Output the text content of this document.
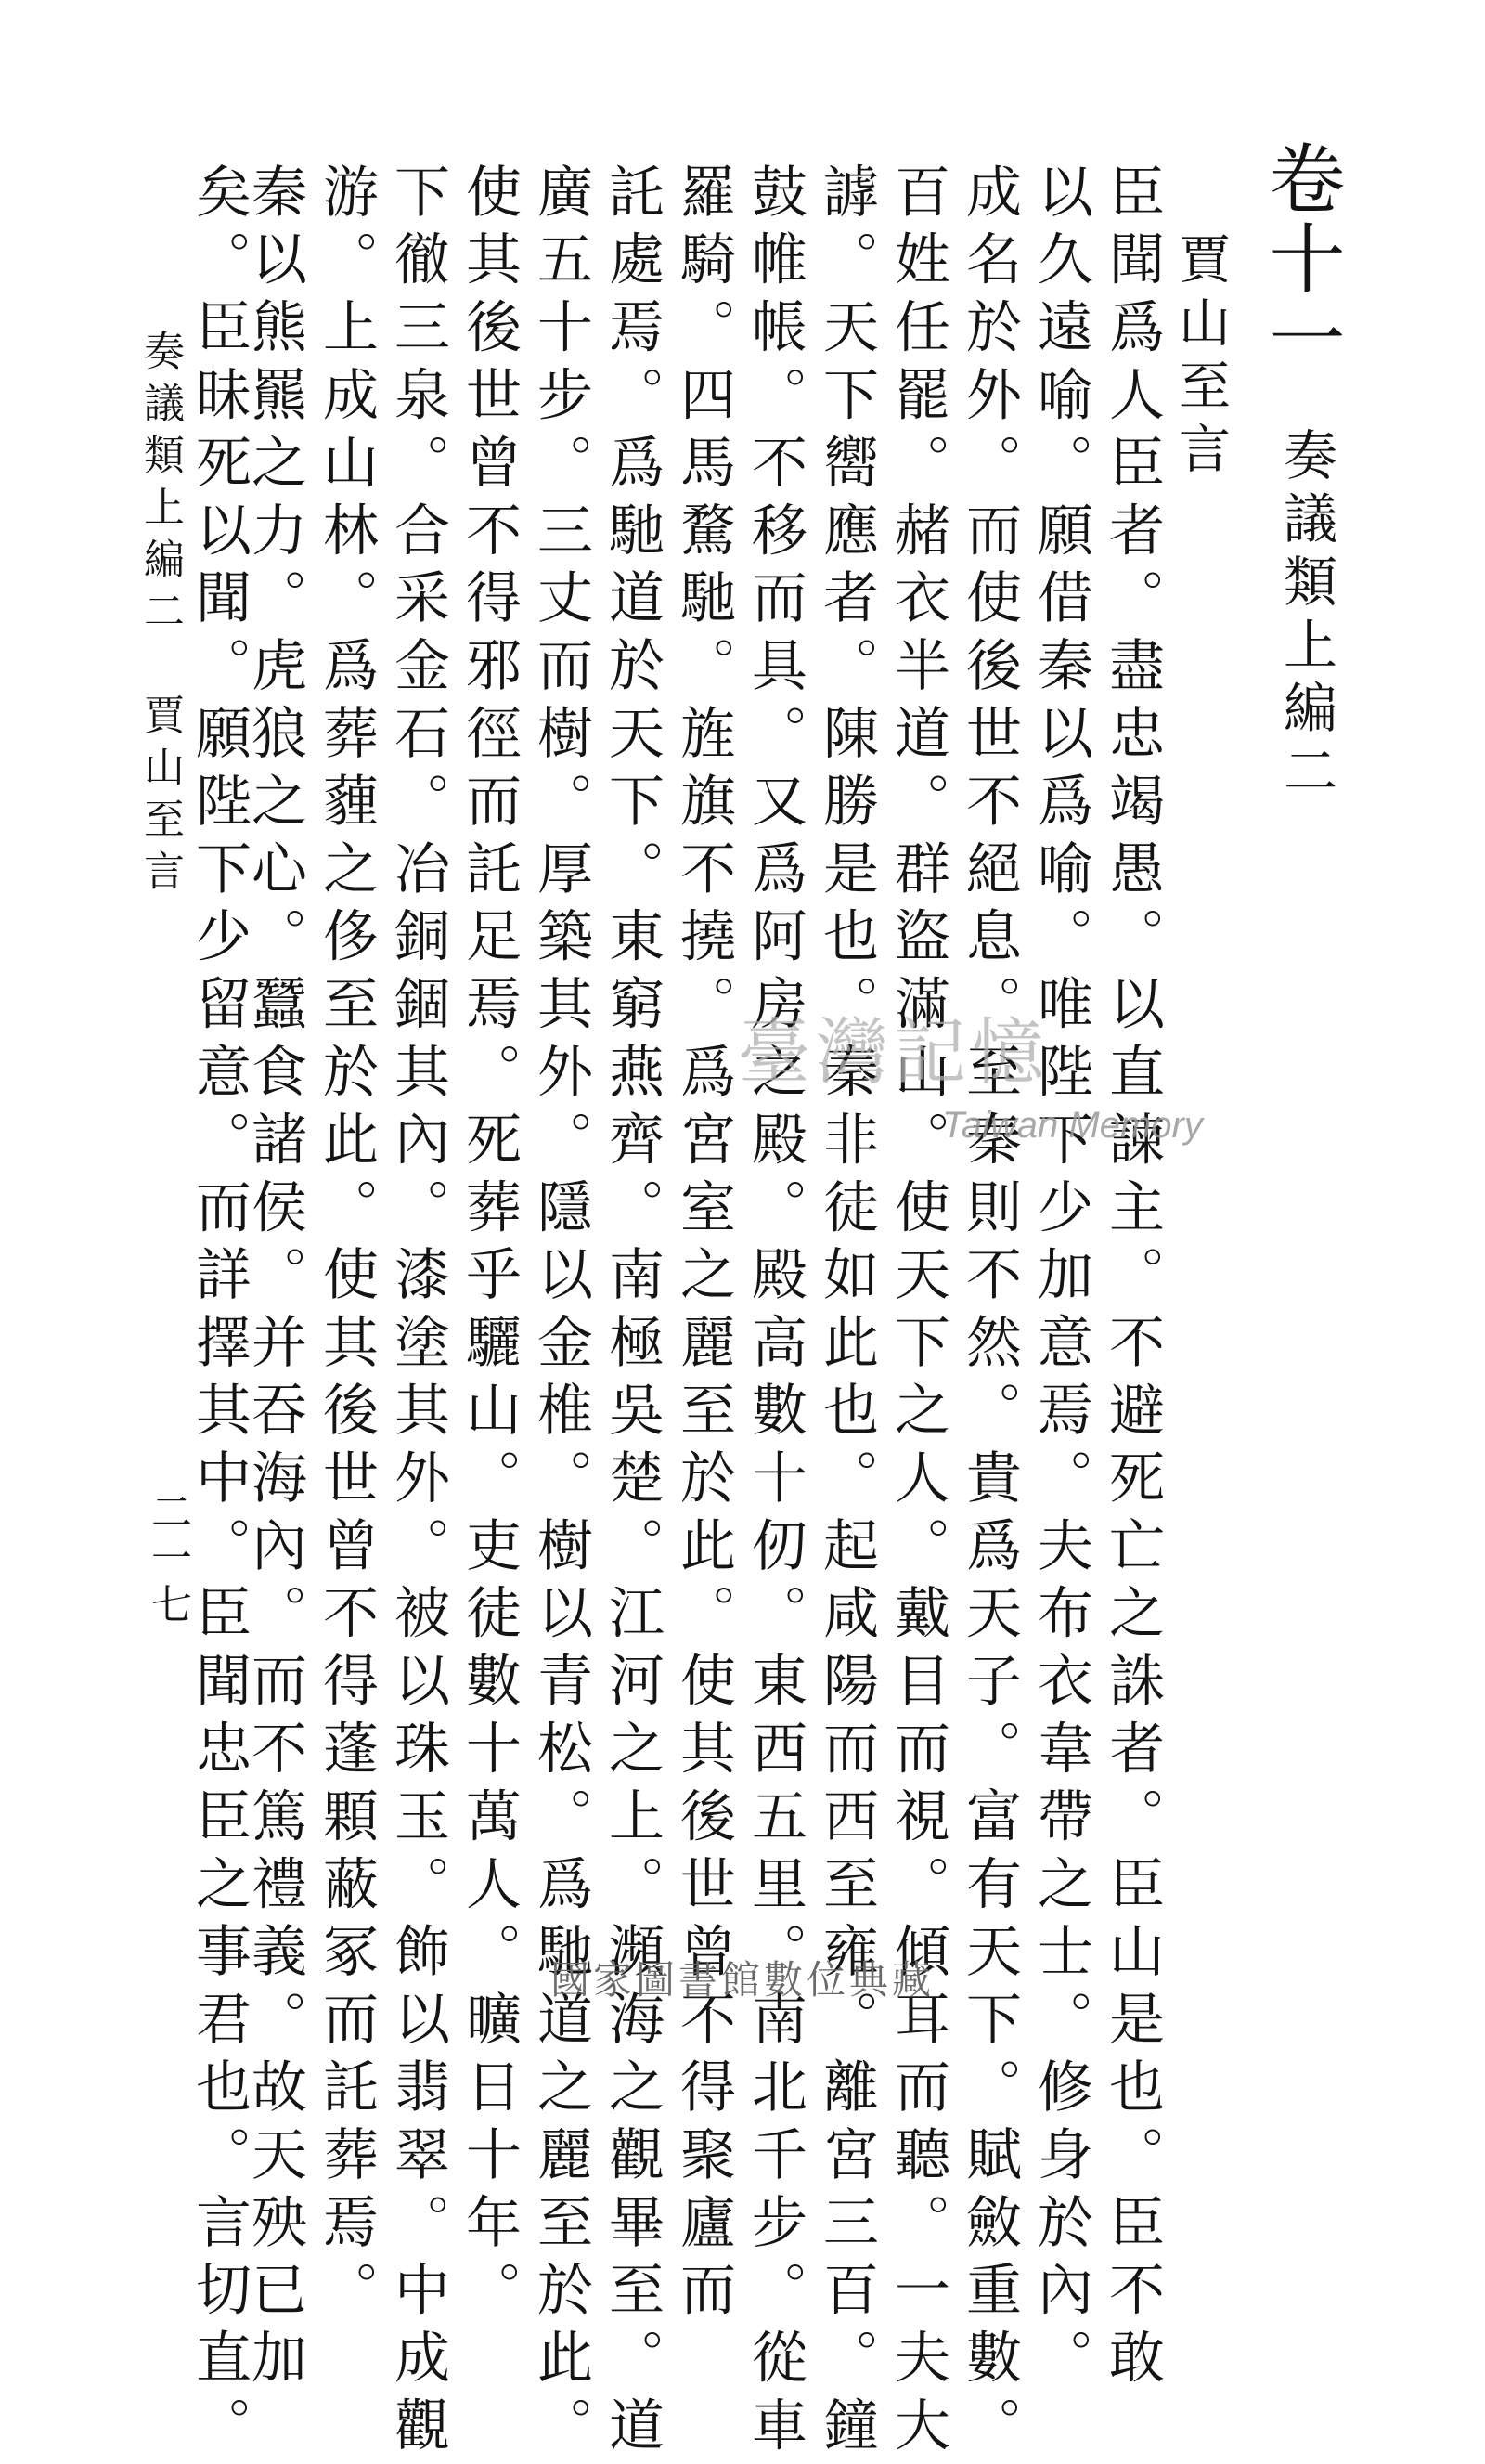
卷十一
奏議類上編二
賈山至言
臣聞爲人臣者。盡忠竭愚。以直諫主。不避死亡之誅者。臣山是也。臣不敢
以久遠喻。願借秦以爲喻。唯陛下少加意焉。夫布衣韋帶之士。修身於內。
成名於外。而使後世不絕息。至秦則不然。貴爲天子。富有天下。賦斂重數。
百姓任罷。赭衣半道。群盜滿山。使天下之人。戴目而視。傾耳而聽。一夫大
謼。天下嚮應者。陳勝是也。秦非徒如此也。起咸陽而西至雍。離宮三百。鐘
鼓帷帳。不移而具。又爲阿房之殿。殿高數十仞。東西五里。南北千步。從車
羅騎。四馬騖馳。旌旗不撓。爲宮室之麗至於此。使其後世曾不得聚廬而
託處焉。爲馳道於天下。東窮燕齊。南極吳楚。江河之上。瀕海之觀畢至。道
廣五十步。三丈而樹。厚築其外。隱以金椎。樹以青松。爲馳道之麗至於此。
使其後世曾不得邪徑而託足焉。死葬乎驪山。吏徒數十萬人。曠日十年。
下徹三泉。合采金石。冶銅錮其內。漆塗其外。被以珠玉。飾以翡翠。中成觀
游。上成山林。爲葬薶之侈至於此。使其後世曾不得蓬顆蔽冢而託葬焉。
秦以熊羆之力。虎狼之心。蠶食諸侯。并吞海內。而不篤禮義。故天殃已加
矣。臣昧死以聞。願陛下少留意。而詳擇其中。臣聞忠臣之事君也。言切直。
奏議類上編二　賈山至言
二一七
臺灣記憶
Taiwan Memory
國家圖書館數位典藏
